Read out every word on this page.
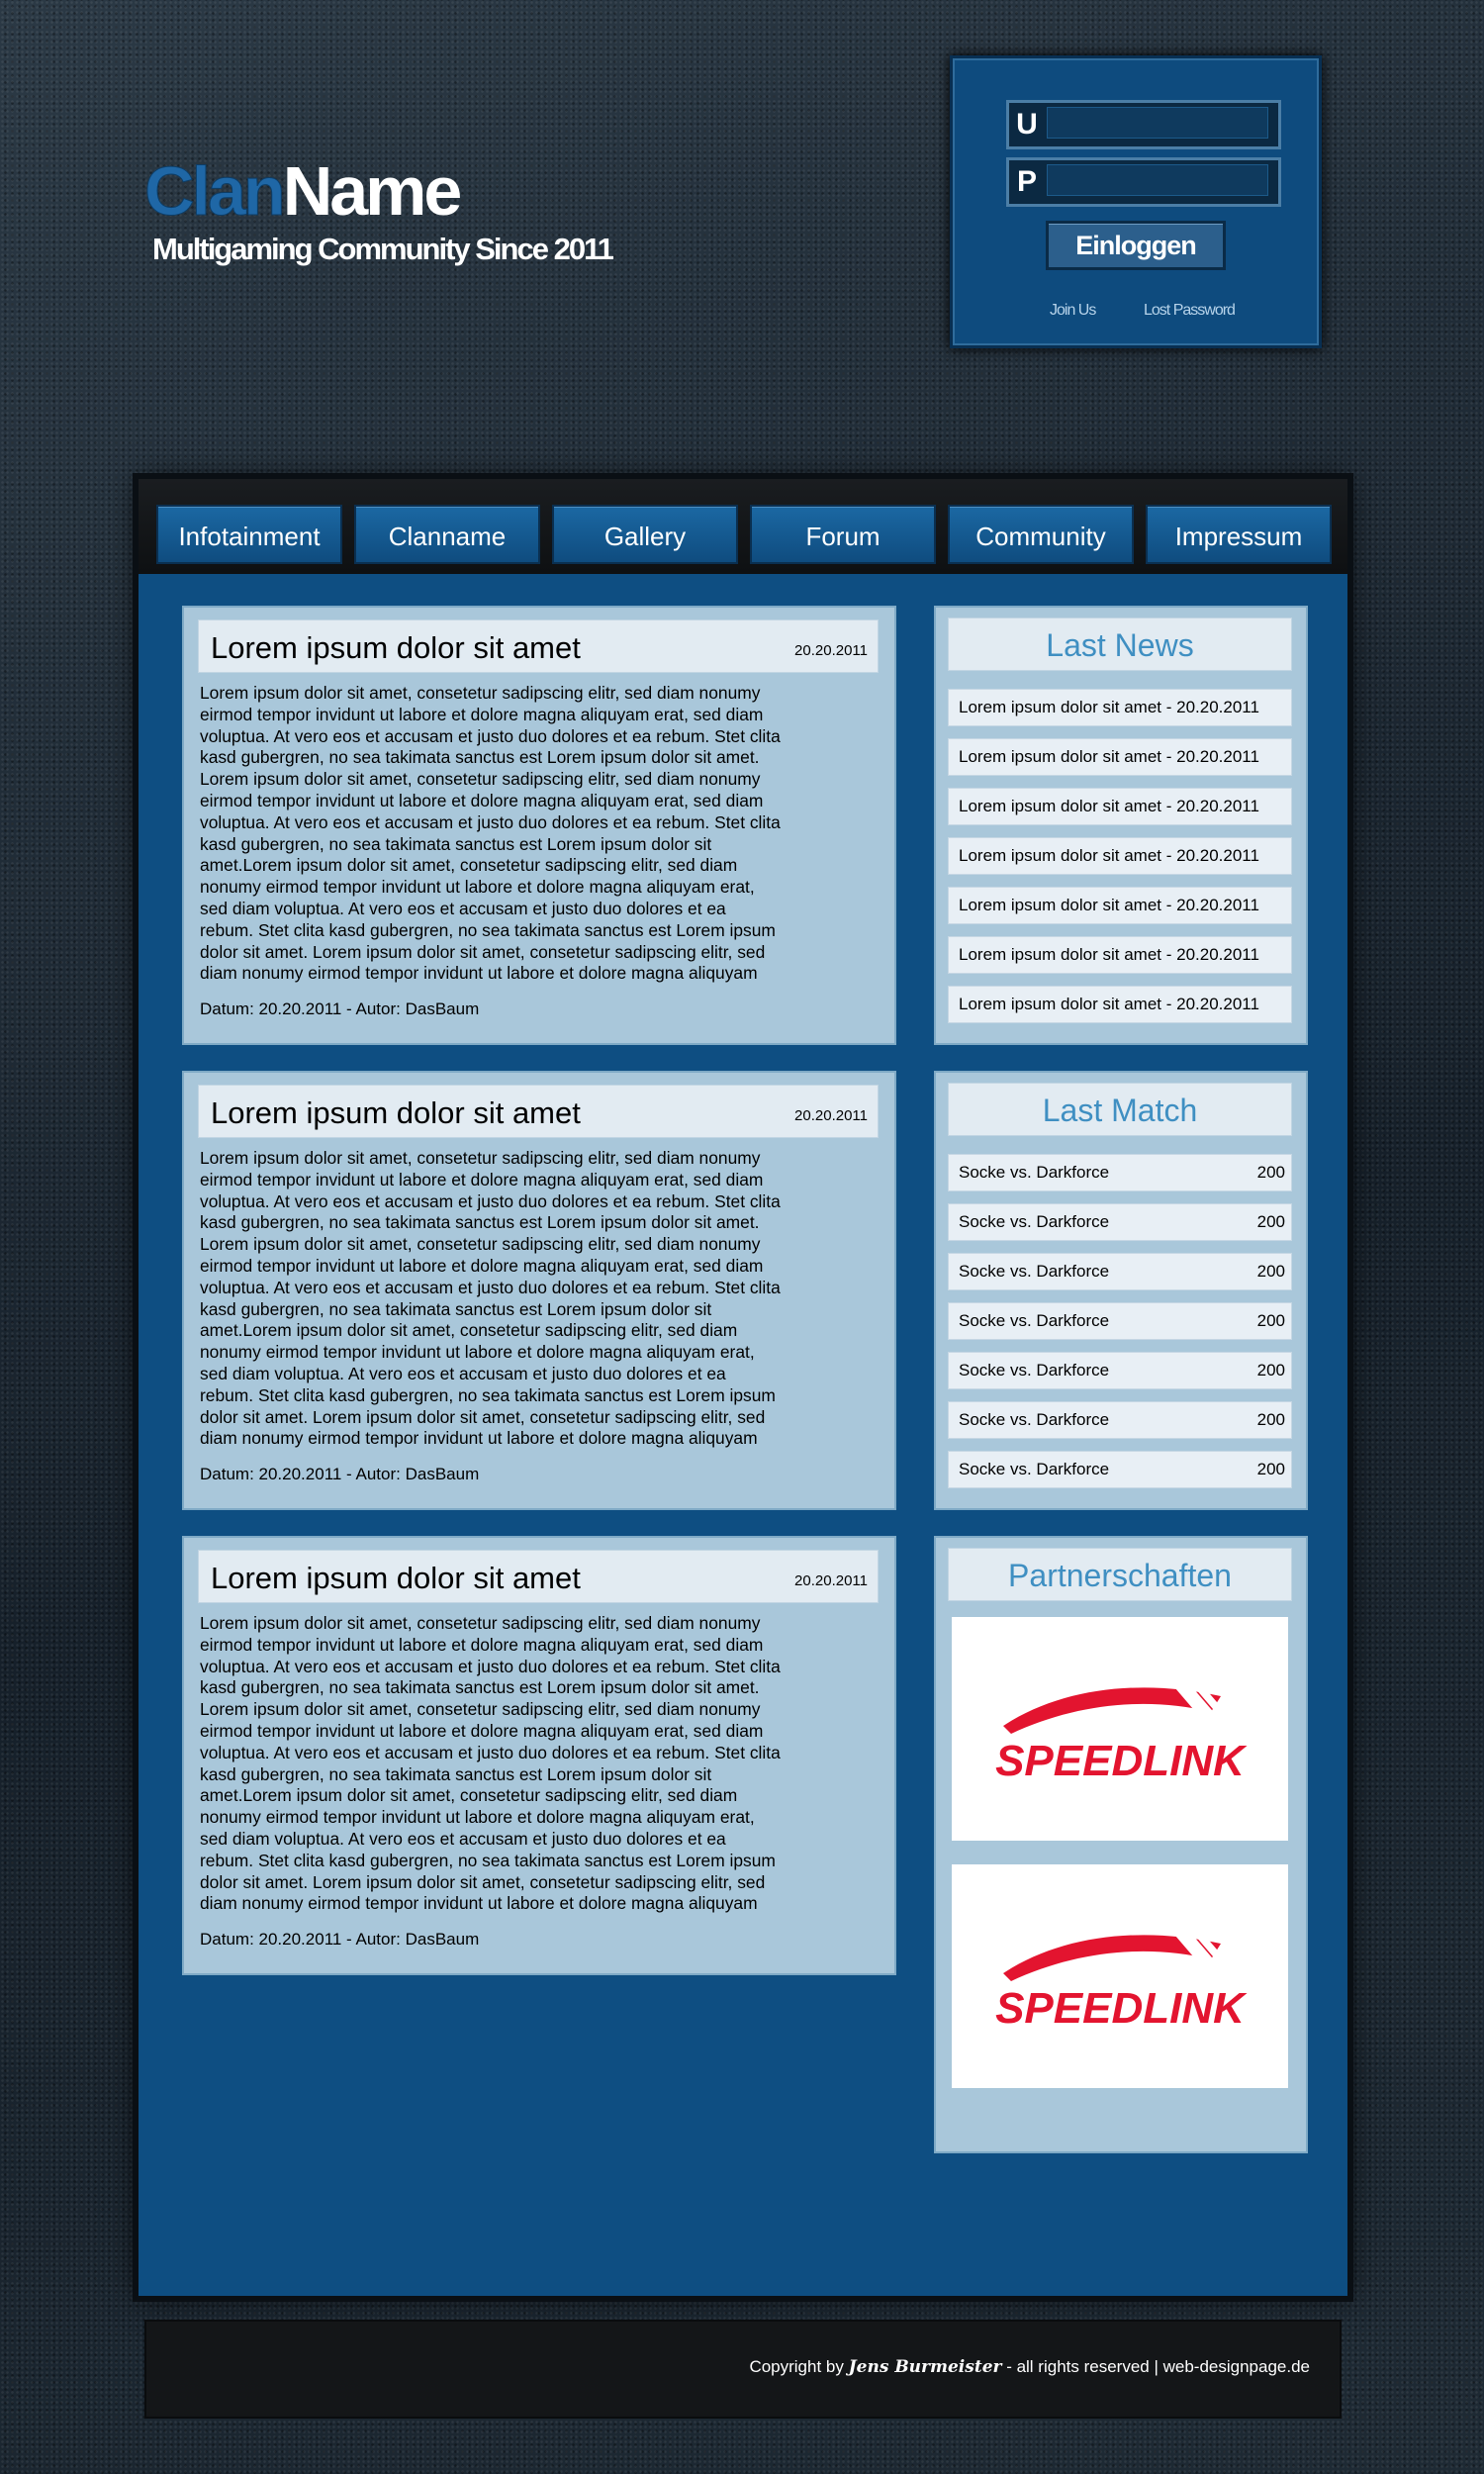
ClanName
Multigaming Community Since 2011
U
P
Einloggen
Join Us	Lost Password
Infotainment	Clanname	Gallery	Forum	Community	Impressum
Lorem ipsum dolor sit amet	20.20.2011
Lorem ipsum dolor sit amet, consetetur sadipscing elitr, sed diam nonumy
eirmod tempor invidunt ut labore et dolore magna aliquyam erat, sed diam
voluptua. At vero eos et accusam et justo duo dolores et ea rebum. Stet clita
kasd gubergren, no sea takimata sanctus est Lorem ipsum dolor sit amet.
Lorem ipsum dolor sit amet, consetetur sadipscing elitr, sed diam nonumy
eirmod tempor invidunt ut labore et dolore magna aliquyam erat, sed diam
voluptua. At vero eos et accusam et justo duo dolores et ea rebum. Stet clita
kasd gubergren, no sea takimata sanctus est Lorem ipsum dolor sit
amet.Lorem ipsum dolor sit amet, consetetur sadipscing elitr, sed diam
nonumy eirmod tempor invidunt ut labore et dolore magna aliquyam erat,
sed diam voluptua. At vero eos et accusam et justo duo dolores et ea
rebum. Stet clita kasd gubergren, no sea takimata sanctus est Lorem ipsum
dolor sit amet. Lorem ipsum dolor sit amet, consetetur sadipscing elitr, sed
diam nonumy eirmod tempor invidunt ut labore et dolore magna aliquyam
Datum: 20.20.2011 - Autor: DasBaum
Lorem ipsum dolor sit amet	20.20.2011
Lorem ipsum dolor sit amet, consetetur sadipscing elitr, sed diam nonumy
eirmod tempor invidunt ut labore et dolore magna aliquyam erat, sed diam
voluptua. At vero eos et accusam et justo duo dolores et ea rebum. Stet clita
kasd gubergren, no sea takimata sanctus est Lorem ipsum dolor sit amet.
Lorem ipsum dolor sit amet, consetetur sadipscing elitr, sed diam nonumy
eirmod tempor invidunt ut labore et dolore magna aliquyam erat, sed diam
voluptua. At vero eos et accusam et justo duo dolores et ea rebum. Stet clita
kasd gubergren, no sea takimata sanctus est Lorem ipsum dolor sit
amet.Lorem ipsum dolor sit amet, consetetur sadipscing elitr, sed diam
nonumy eirmod tempor invidunt ut labore et dolore magna aliquyam erat,
sed diam voluptua. At vero eos et accusam et justo duo dolores et ea
rebum. Stet clita kasd gubergren, no sea takimata sanctus est Lorem ipsum
dolor sit amet. Lorem ipsum dolor sit amet, consetetur sadipscing elitr, sed
diam nonumy eirmod tempor invidunt ut labore et dolore magna aliquyam
Datum: 20.20.2011 - Autor: DasBaum
Lorem ipsum dolor sit amet	20.20.2011
Lorem ipsum dolor sit amet, consetetur sadipscing elitr, sed diam nonumy
eirmod tempor invidunt ut labore et dolore magna aliquyam erat, sed diam
voluptua. At vero eos et accusam et justo duo dolores et ea rebum. Stet clita
kasd gubergren, no sea takimata sanctus est Lorem ipsum dolor sit amet.
Lorem ipsum dolor sit amet, consetetur sadipscing elitr, sed diam nonumy
eirmod tempor invidunt ut labore et dolore magna aliquyam erat, sed diam
voluptua. At vero eos et accusam et justo duo dolores et ea rebum. Stet clita
kasd gubergren, no sea takimata sanctus est Lorem ipsum dolor sit
amet.Lorem ipsum dolor sit amet, consetetur sadipscing elitr, sed diam
nonumy eirmod tempor invidunt ut labore et dolore magna aliquyam erat,
sed diam voluptua. At vero eos et accusam et justo duo dolores et ea
rebum. Stet clita kasd gubergren, no sea takimata sanctus est Lorem ipsum
dolor sit amet. Lorem ipsum dolor sit amet, consetetur sadipscing elitr, sed
diam nonumy eirmod tempor invidunt ut labore et dolore magna aliquyam
Datum: 20.20.2011 - Autor: DasBaum
Last News
Lorem ipsum dolor sit amet - 20.20.2011
Lorem ipsum dolor sit amet - 20.20.2011
Lorem ipsum dolor sit amet - 20.20.2011
Lorem ipsum dolor sit amet - 20.20.2011
Lorem ipsum dolor sit amet - 20.20.2011
Lorem ipsum dolor sit amet - 20.20.2011
Lorem ipsum dolor sit amet - 20.20.2011
Last Match
Socke vs. Darkforce	200
Socke vs. Darkforce	200
Socke vs. Darkforce	200
Socke vs. Darkforce	200
Socke vs. Darkforce	200
Socke vs. Darkforce	200
Socke vs. Darkforce	200
Partnerschaften
SPEEDLINK
SPEEDLINK
Copyright by Jens Burmeister - all rights reserved | web-designpage.de
